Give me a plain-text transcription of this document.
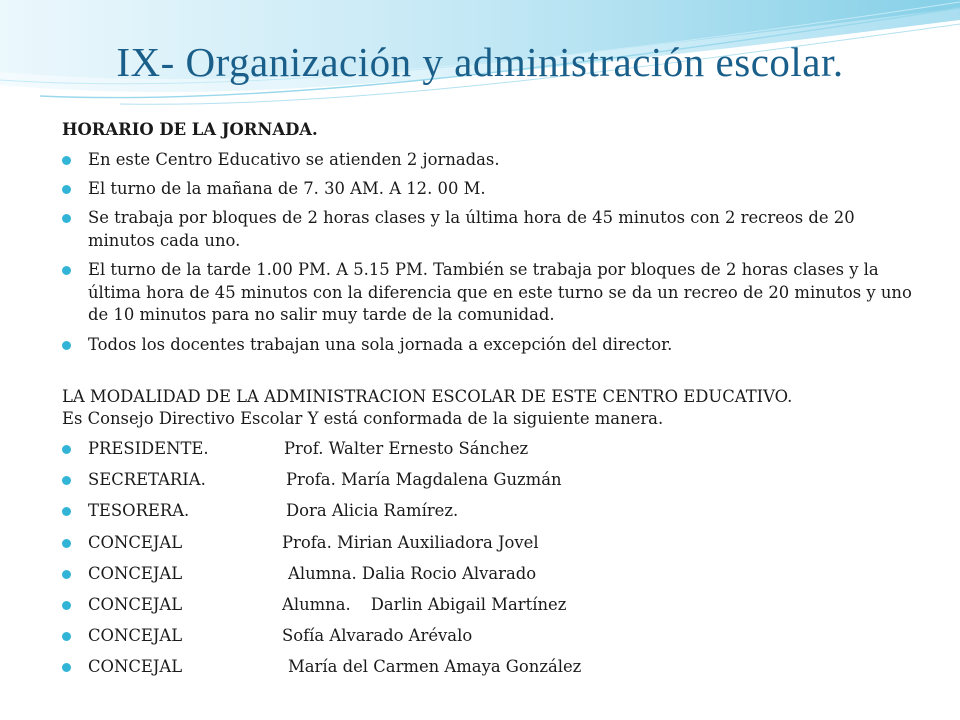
IX- Organización y administración escolar.
HORARIO DE LA JORNADA.
En este Centro Educativo se atienden 2 jornadas.
El turno de la mañana de 7. 30 AM. A 12. 00 M.
Se trabaja por bloques de 2 horas clases y la última hora de 45 minutos con 2 recreos de 20 minutos cada uno.
El turno de la tarde 1.00 PM. A 5.15 PM. También se trabaja por bloques de 2 horas clases y la última hora de 45 minutos con la diferencia que en este turno se da un recreo de 20 minutos y uno de 10 minutos para no salir muy tarde de la comunidad.
Todos los docentes trabajan una sola jornada a excepción del director.
LA MODALIDAD DE LA ADMINISTRACION ESCOLAR DE ESTE CENTRO EDUCATIVO.
Es Consejo Directivo Escolar Y está conformada de la siguiente manera.
PRESIDENTE.	Prof. Walter Ernesto Sánchez
SECRETARIA.	Profa. María Magdalena Guzmán
TESORERA.	Dora Alicia Ramírez.
CONCEJAL	Profa. Mirian Auxiliadora Jovel
CONCEJAL	Alumna. Dalia Rocio Alvarado
CONCEJAL	Alumna. Darlin Abigail Martínez
CONCEJAL	Sofía Alvarado Arévalo
CONCEJAL	María del Carmen Amaya González
